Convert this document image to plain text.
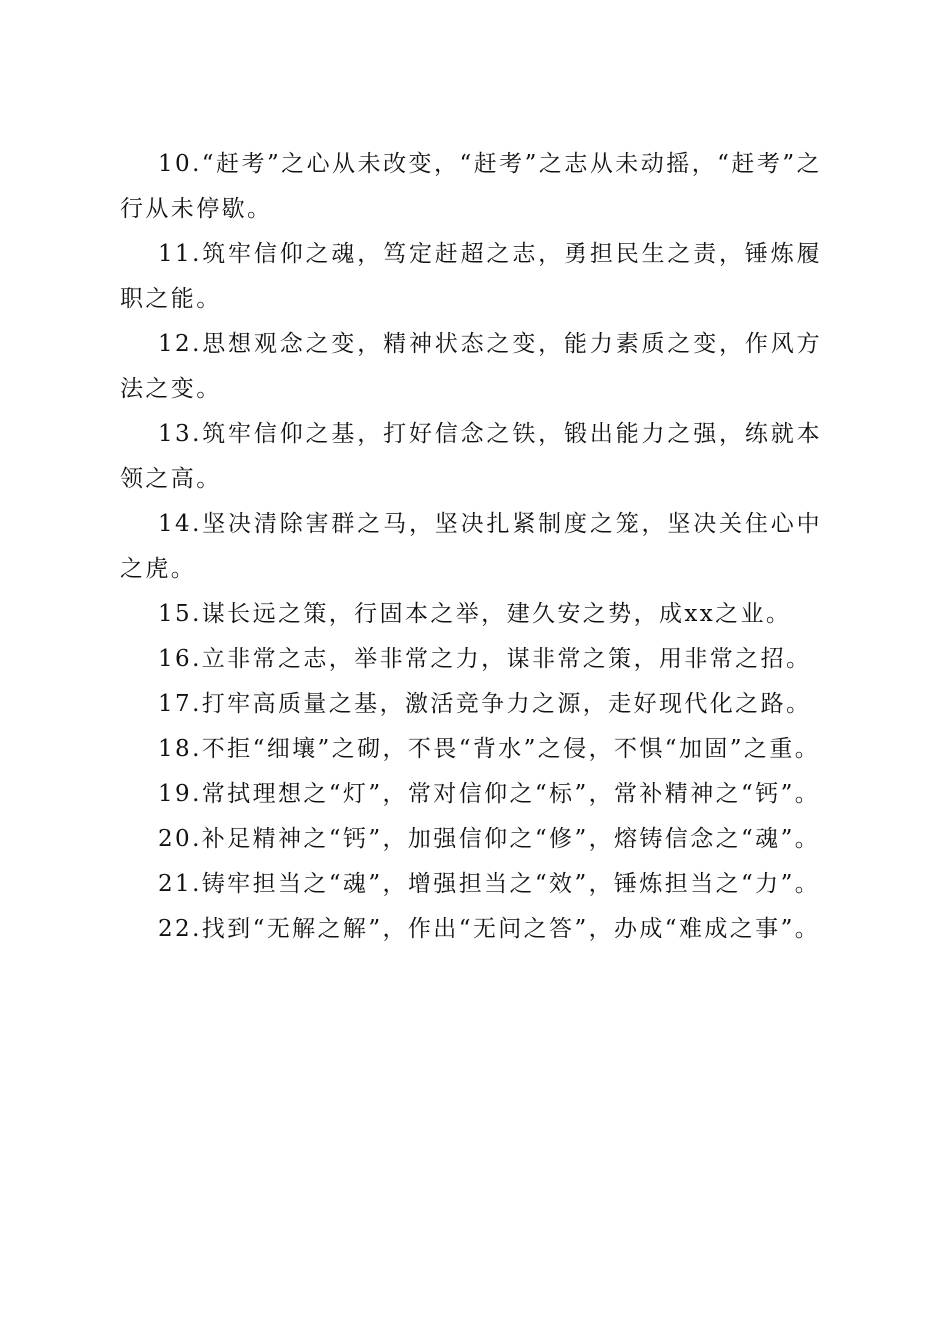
10.“赶考”之心从未改变，“赶考”之志从未动摇，“赶考”之行从未停歇。

11.筑牢信仰之魂，笃定赶超之志，勇担民生之责，锤炼履职之能。

12.思想观念之变，精神状态之变，能力素质之变，作风方法之变。

13.筑牢信仰之基，打好信念之铁，锻出能力之强，练就本领之高。

14.坚决清除害群之马，坚决扎紧制度之笼，坚决关住心中之虎。

15.谋长远之策，行固本之举，建久安之势，成xx之业。

16.立非常之志，举非常之力，谋非常之策，用非常之招。

17.打牢高质量之基，激活竞争力之源，走好现代化之路。

18.不拒“细壤”之砌，不畏“背水”之侵，不惧“加固”之重。

19.常拭理想之“灯”，常对信仰之“标”，常补精神之“钙”。

20.补足精神之“钙”，加强信仰之“修”，熔铸信念之“魂”。

21.铸牢担当之“魂”，增强担当之“效”，锤炼担当之“力”。

22.找到“无解之解”，作出“无问之答”，办成“难成之事”。
